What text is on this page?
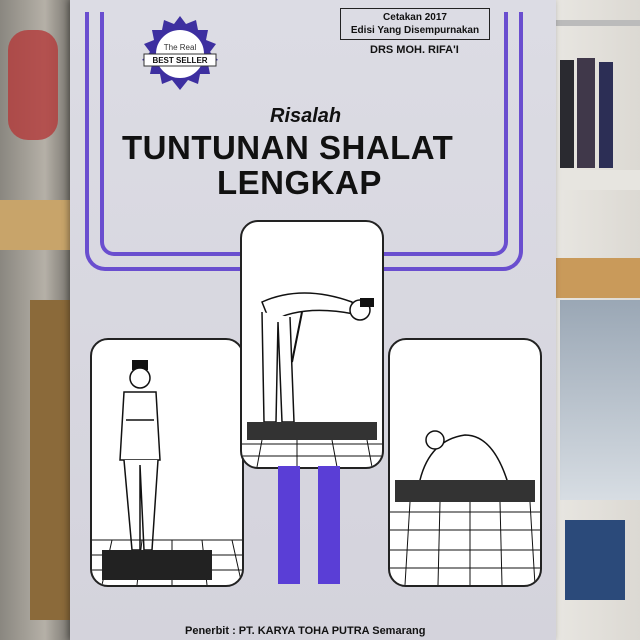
The Real
BEST SELLER
Cetakan 2017
Edisi Yang Disempurnakan
DRS MOH. RIFA'I
Risalah
TUNTUNAN SHALAT
LENGKAP
Penerbit : PT. KARYA TOHA PUTRA Semarang
